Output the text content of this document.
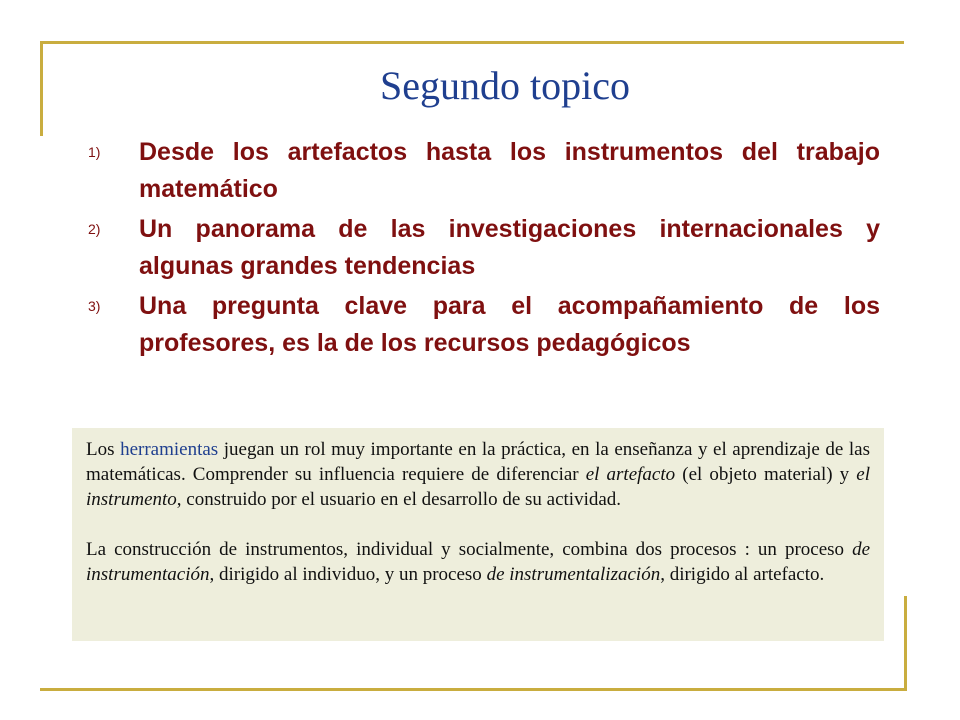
Segundo topico
1) Desde los artefactos hasta los instrumentos del trabajo matemático
2) Un panorama de las investigaciones internacionales y algunas grandes tendencias
3) Una pregunta clave para el acompañamiento de los profesores, es la de los recursos pedagógicos

Los herramientas juegan un rol muy importante en la práctica, en la enseñanza y el aprendizaje de las matemáticas. Comprender su influencia requiere de diferenciar el artefacto (el objeto material) y el instrumento, construido por el usuario en el desarrollo de su actividad.

La construcción de instrumentos, individual y socialmente, combina dos procesos : un proceso de instrumentación, dirigido al individuo, y un proceso de instrumentalización, dirigido al artefacto.
